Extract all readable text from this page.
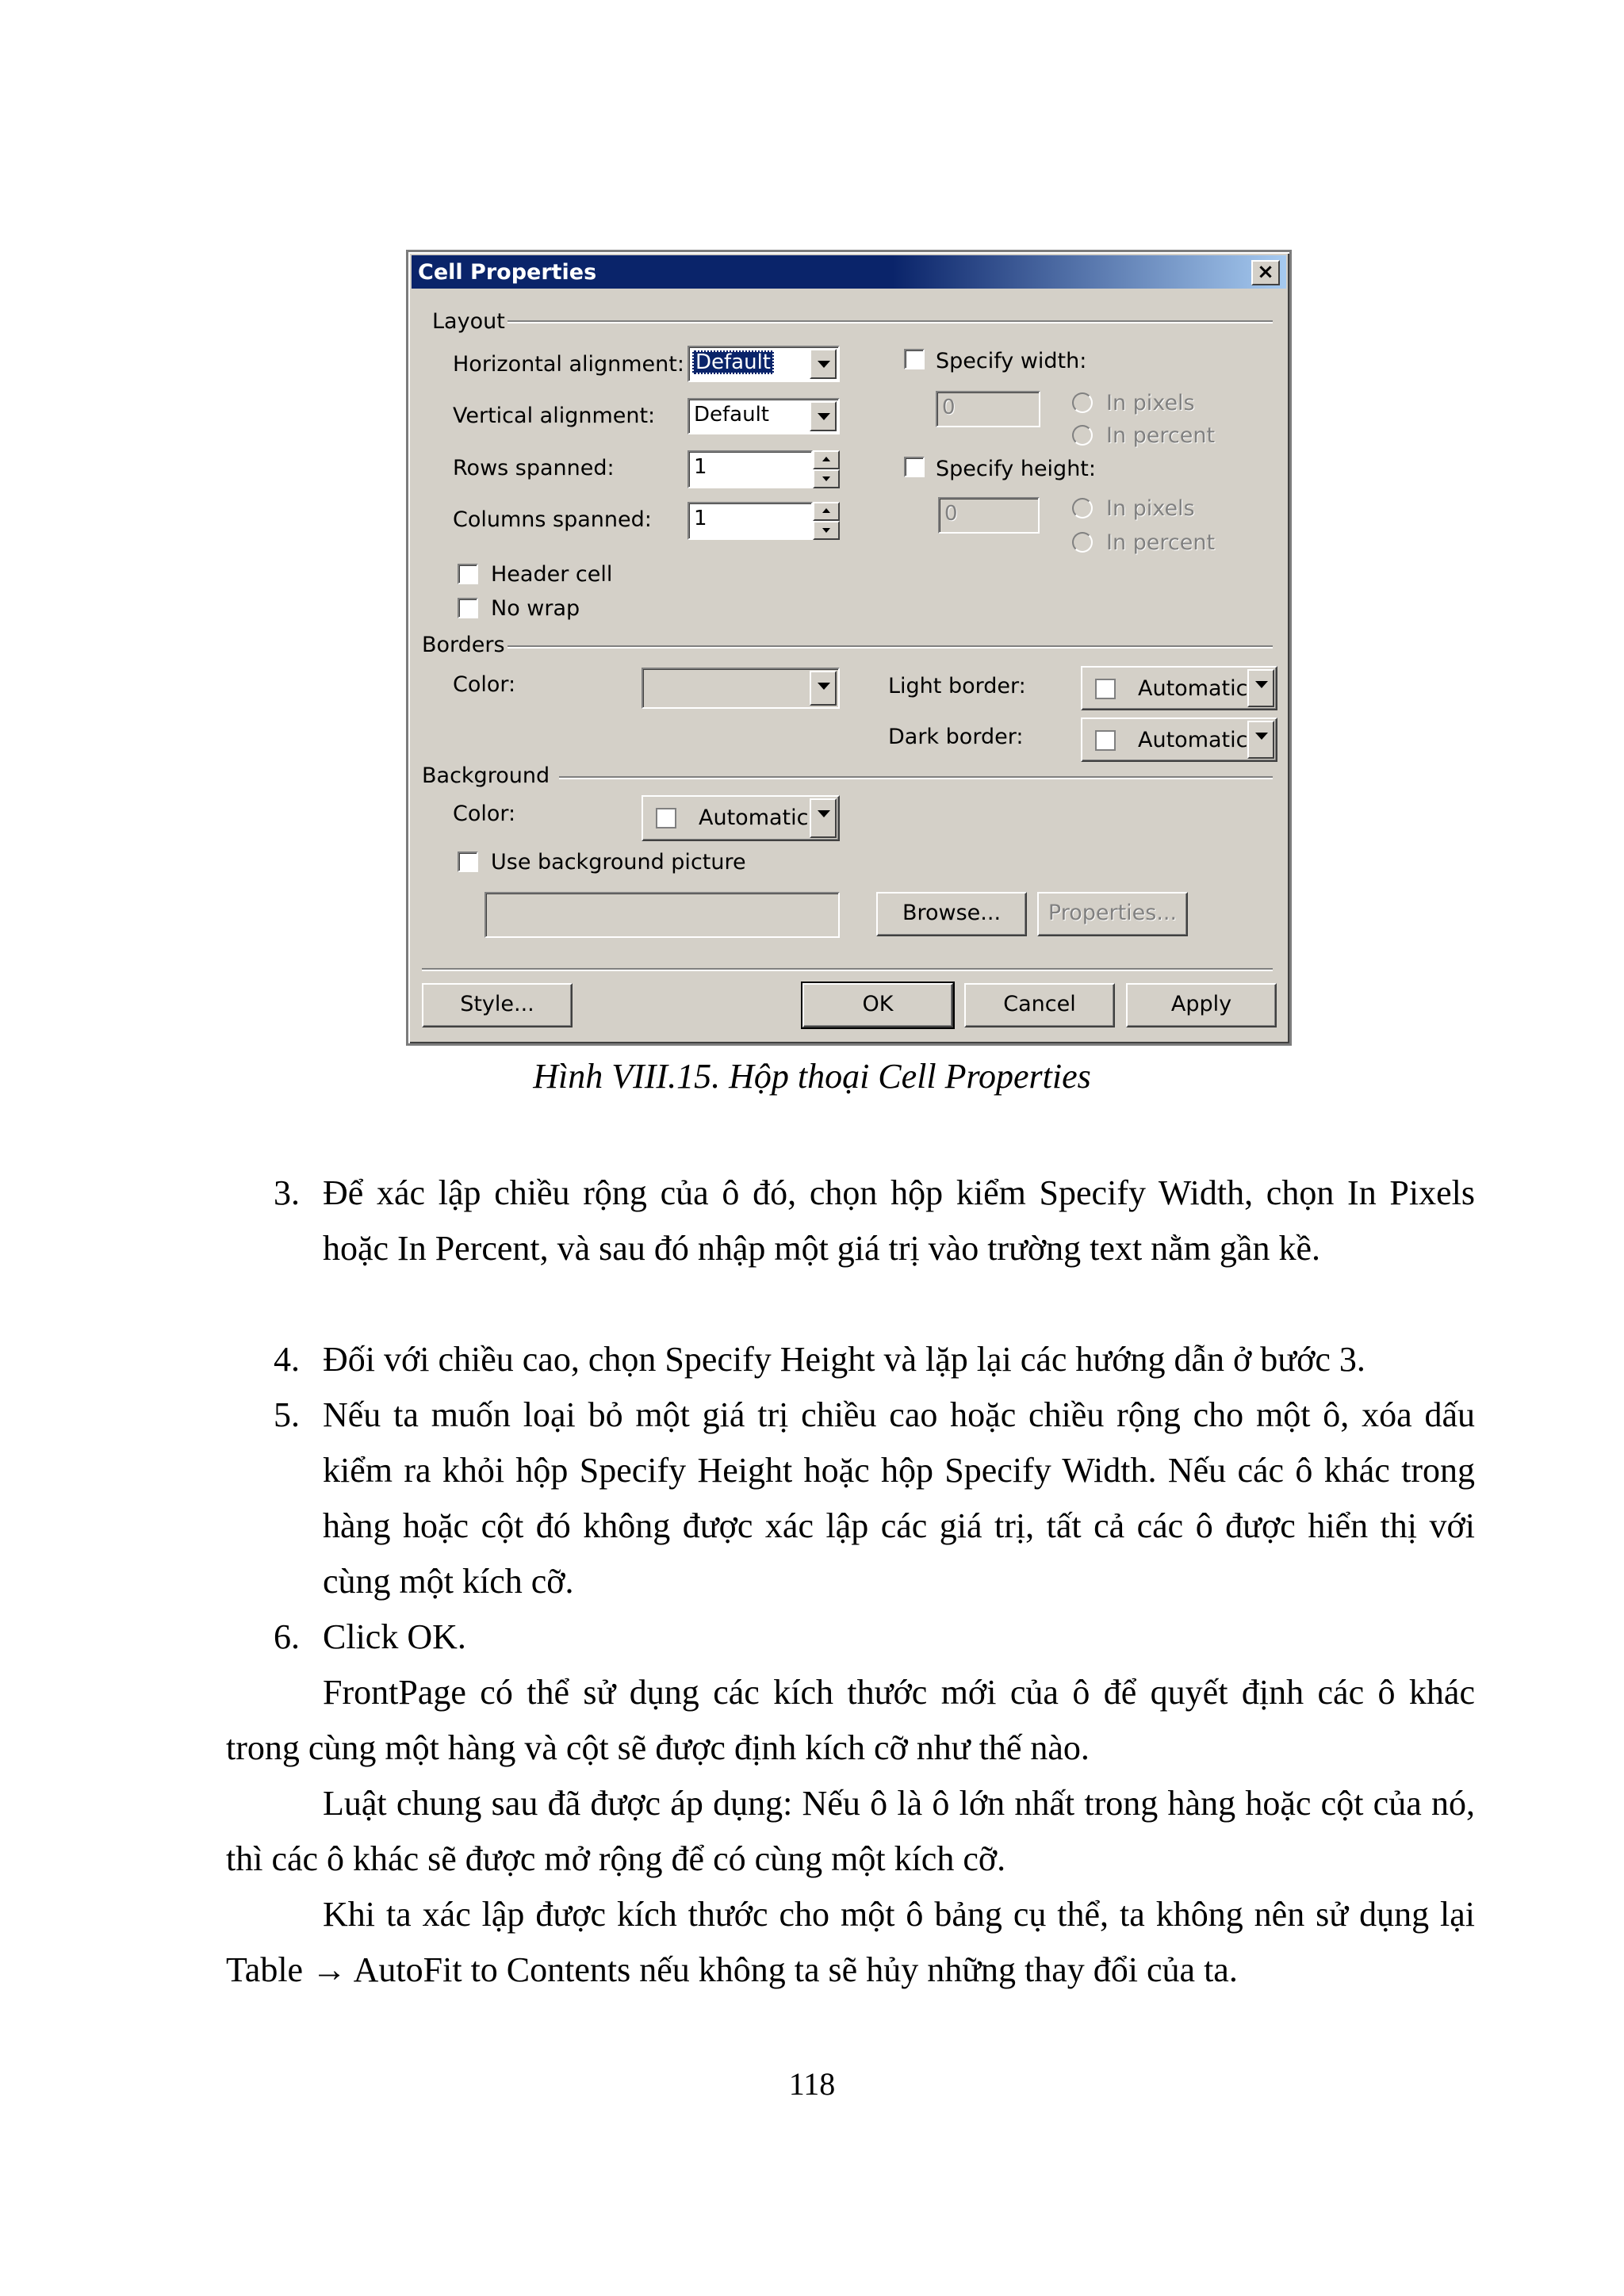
Cell Properties	×
Layout
Horizontal alignment: Default
Vertical alignment: Default
Rows spanned:	1
Columns spanned: 1
Header cell
No wrap
Specify width:
0	In pixels
In percent
Specify height:
0	In pixels
In percent
Borders
Color:	Light border:	Automatic
Dark border:	Automatic
Background
Color:	Automatic
Use background picture
Browse...	Properties...
Style...	OK	Cancel	Apply
Hình VIII.15. Hộp thoại Cell Properties
3. Để xác lập chiều rộng của ô đó, chọn hộp kiểm Specify Width, chọn In Pixels hoặc In Percent, và sau đó nhập một giá trị vào trường text nằm gần kề.
4. Đối với chiều cao, chọn Specify Height và lặp lại các hướng dẫn ở bước 3.
5. Nếu ta muốn loại bỏ một giá trị chiều cao hoặc chiều rộng cho một ô, xóa dấu kiểm ra khỏi hộp Specify Height hoặc hộp Specify Width. Nếu các ô khác trong hàng hoặc cột đó không được xác lập các giá trị, tất cả các ô được hiển thị với cùng một kích cỡ.
6. Click OK.
FrontPage có thể sử dụng các kích thước mới của ô để quyết định các ô khác trong cùng một hàng và cột sẽ được định kích cỡ như thế nào.
Luật chung sau đã được áp dụng: Nếu ô là ô lớn nhất trong hàng hoặc cột của nó, thì các ô khác sẽ được mở rộng để có cùng một kích cỡ.
Khi ta xác lập được kích thước cho một ô bảng cụ thể, ta không nên sử dụng lại Table → AutoFit to Contents nếu không ta sẽ hủy những thay đổi của ta.
118
